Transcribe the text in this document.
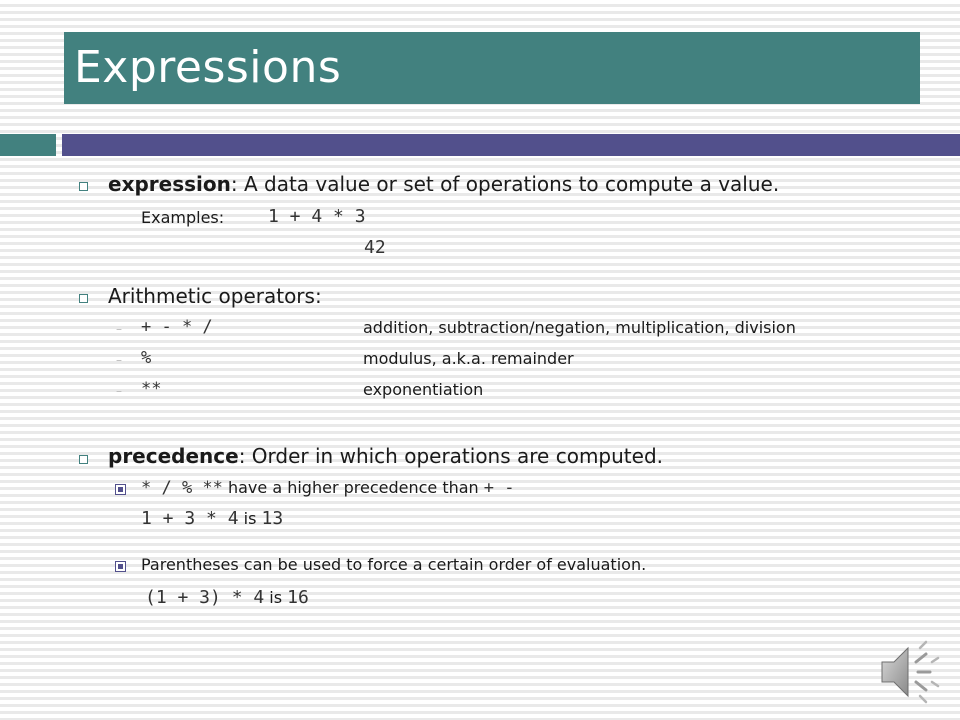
Expressions
expression: A data value or set of operations to compute a value.
Examples: 1 + 4 * 3
42
Arithmetic operators:
– + - * /	addition, subtraction/negation, multiplication, division
– %	modulus, a.k.a. remainder
– **	exponentiation
precedence: Order in which operations are computed.
* / % ** have a higher precedence than + -
1 + 3 * 4 is 13
Parentheses can be used to force a certain order of evaluation.
(1 + 3) * 4 is 16
